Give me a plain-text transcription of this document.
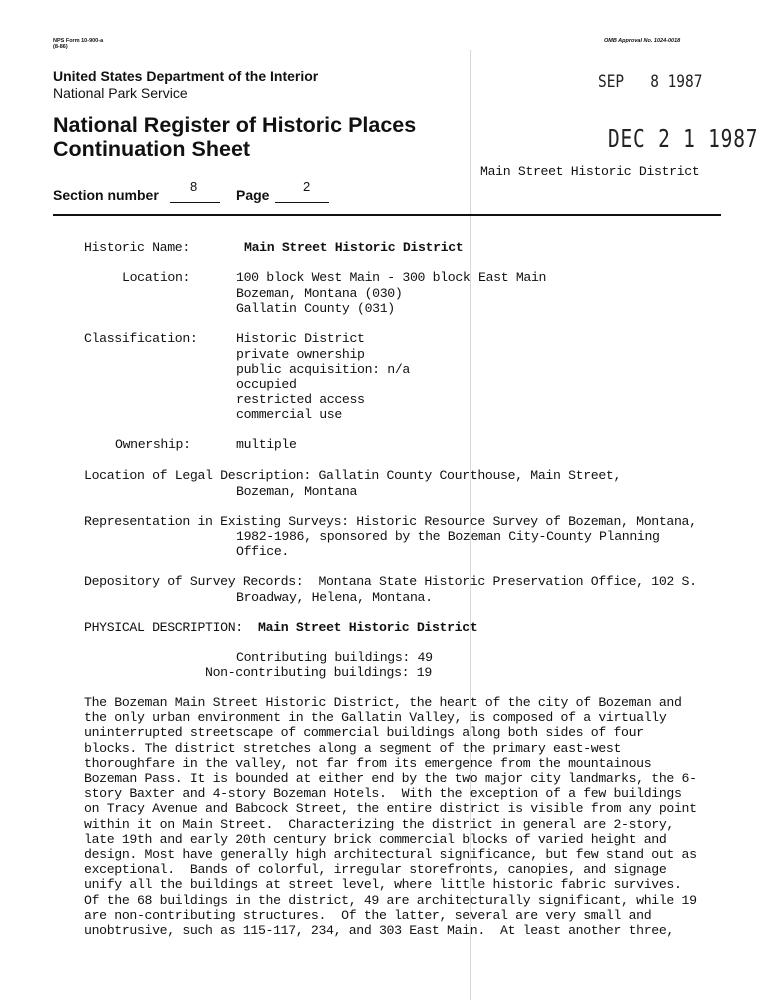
NPS Form 10-900-a
(8-86)
OMB Approval No. 1024-0018
United States Department of the Interior
National Park Service
SEP   8 1987
National Register of Historic Places
Continuation Sheet	DEC 2 1 1987
Main Street Historic District
Section number
8
Page
2
Historic Name:	Main Street Historic District
Location:	100 block West Main - 300 block East Main
Bozeman, Montana (030)
Gallatin County (031)
Classification:	Historic District
private ownership
public acquisition: n/a
occupied
restricted access
commercial use
Ownership:	multiple
Location of Legal Description: Gallatin County Courthouse, Main Street,
Bozeman, Montana
Representation in Existing Surveys: Historic Resource Survey of Bozeman, Montana,
1982-1986, sponsored by the Bozeman City-County Planning
Office.
Depository of Survey Records:  Montana State Historic Preservation Office, 102 S.
Broadway, Helena, Montana.
PHYSICAL DESCRIPTION: Main Street Historic District
Contributing buildings: 49
Non-contributing buildings: 19
The Bozeman Main Street Historic District, the heart of the city of Bozeman and
the only urban environment in the Gallatin Valley, is composed of a virtually
uninterrupted streetscape of commercial buildings along both sides of four
blocks. The district stretches along a segment of the primary east-west
thoroughfare in the valley, not far from its emergence from the mountainous
Bozeman Pass. It is bounded at either end by the two major city landmarks, the 6-
story Baxter and 4-story Bozeman Hotels.  With the exception of a few buildings
on Tracy Avenue and Babcock Street, the entire district is visible from any point
within it on Main Street.  Characterizing the district in general are 2-story,
late 19th and early 20th century brick commercial blocks of varied height and
design. Most have generally high architectural significance, but few stand out as
exceptional.  Bands of colorful, irregular storefronts, canopies, and signage
unify all the buildings at street level, where little historic fabric survives.
Of the 68 buildings in the district, 49 are architecturally significant, while 19
are non-contributing structures.  Of the latter, several are very small and
unobtrusive, such as 115-117, 234, and 303 East Main.  At least another three,
